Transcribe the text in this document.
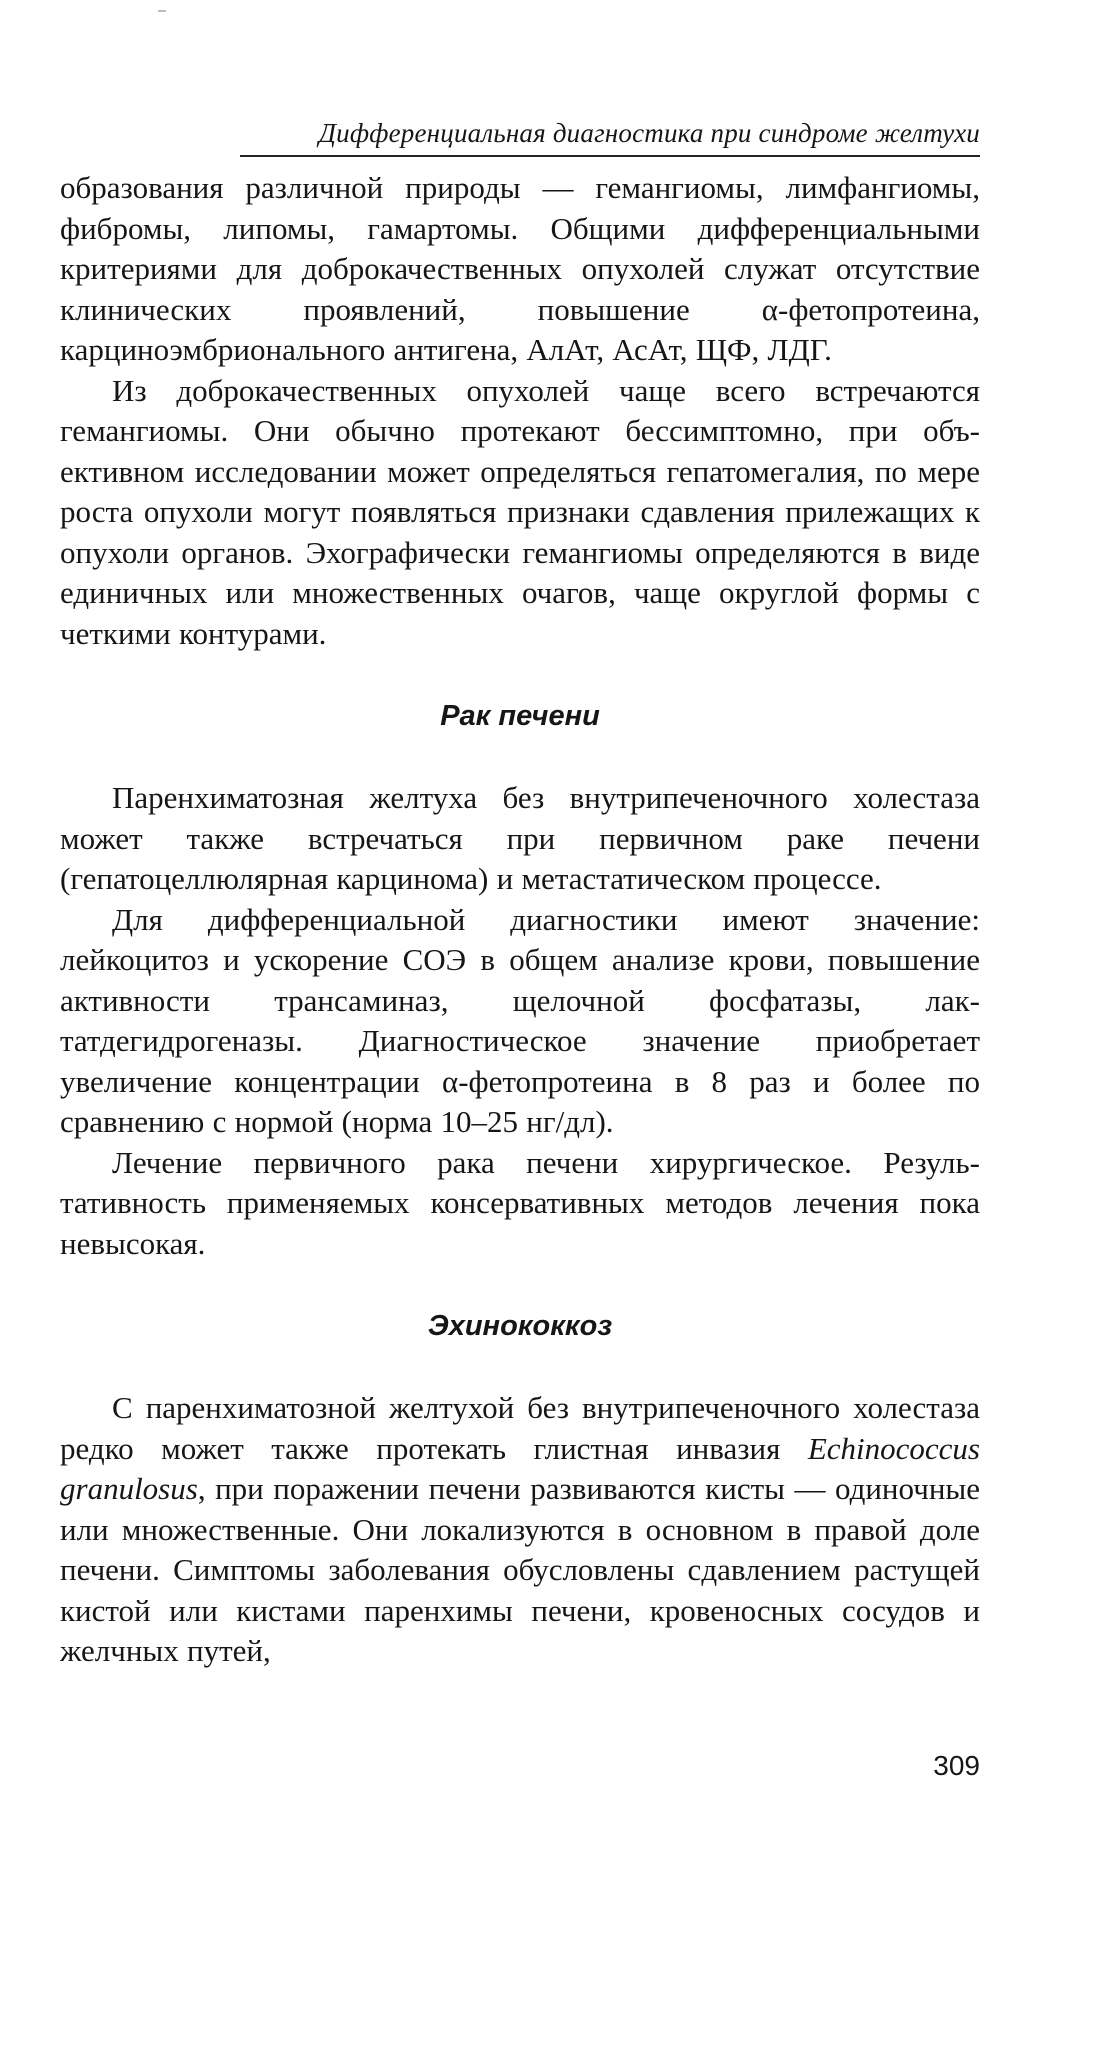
Дифференциальная диагностика при синдроме желтухи

образования различной природы — гемангиомы, лимфангиомы, фибромы, липомы, гамартомы. Общими дифференциальными критериями для доброкачественных опухолей служат отсутствие клинических проявлений, повышение α-фетопротеина, карциноэмбрионального антигена, АлАт, АсАт, ЩФ, ЛДГ.

Из доброкачественных опухолей чаще всего встречаются гемангиомы. Они обычно протекают бессимптомно, при объективном исследовании может определяться гепатомегалия, по мере роста опухоли могут появляться признаки сдавления прилежащих к опухоли органов. Эхографически гемангиомы определяются в виде единичных или множественных очагов, чаще округлой формы с четкими контурами.

Рак печени

Паренхиматозная желтуха без внутрипеченочного холестаза может также встречаться при первичном раке печени (гепатоцеллюлярная карцинома) и метастатическом процессе.

Для дифференциальной диагностики имеют значение: лейкоцитоз и ускорение СОЭ в общем анализе крови, повышение активности трансаминаз, щелочной фосфатазы, лактатдегидрогеназы. Диагностическое значение приобретает увеличение концентрации α-фетопротеина в 8 раз и более по сравнению с нормой (норма 10–25 нг/дл).

Лечение первичного рака печени хирургическое. Результативность применяемых консервативных методов лечения пока невысокая.

Эхинококкоз

С паренхиматозной желтухой без внутрипеченочного холестаза редко может также протекать глистная инвазия Echinococcus granulosus, при поражении печени развиваются кисты — одиночные или множественные. Они локализуются в основном в правой доле печени. Симптомы заболевания обусловлены сдавлением растущей кистой или кистами паренхимы печени, кровеносных сосудов и желчных путей,

309
